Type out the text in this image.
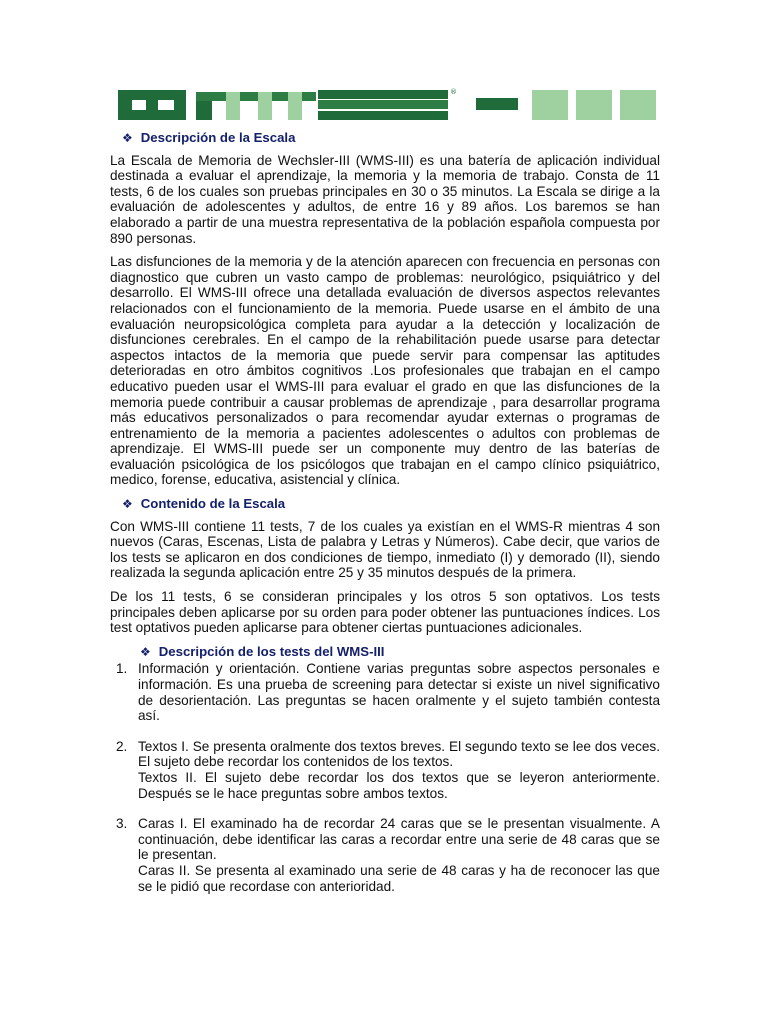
®
❖ Descripción de la Escala

La Escala de Memoria de Wechsler-III (WMS-III) es una batería de aplicación individual destinada a evaluar el aprendizaje, la memoria y la memoria de trabajo. Consta de 11 tests, 6 de los cuales son pruebas principales en 30 o 35 minutos. La Escala se dirige a la evaluación de adolescentes y adultos, de entre 16 y 89 años. Los baremos se han elaborado a partir de una muestra representativa de la población española compuesta por 890 personas.

Las disfunciones de la memoria y de la atención aparecen con frecuencia en personas con diagnostico que cubren un vasto campo de problemas: neurológico, psiquiátrico y del desarrollo. El WMS-III ofrece una detallada evaluación de diversos aspectos relevantes relacionados con el funcionamiento de la memoria. Puede usarse en el ámbito de una evaluación neuropsicológica completa para ayudar a la detección y localización de disfunciones cerebrales. En el campo de la rehabilitación puede usarse para detectar aspectos intactos de la memoria que puede servir para compensar las aptitudes deterioradas en otro ámbitos cognitivos .Los profesionales que trabajan en el campo educativo pueden usar el WMS-III para evaluar el grado en que las disfunciones de la memoria puede contribuir a causar problemas de aprendizaje , para desarrollar programa más educativos personalizados o para recomendar ayudar externas o programas de entrenamiento de la memoria a pacientes adolescentes o adultos con problemas de aprendizaje. El WMS-III puede ser un componente muy dentro de las baterías de evaluación psicológica de los psicólogos que trabajan en el campo clínico psiquiátrico, medico, forense, educativa, asistencial y clínica.

❖ Contenido de la Escala

Con WMS-III contiene 11 tests, 7 de los cuales ya existían en el WMS-R mientras 4 son nuevos (Caras, Escenas, Lista de palabra y Letras y Números). Cabe decir, que varios de los tests se aplicaron en dos condiciones de tiempo, inmediato (I) y demorado (II), siendo realizada la segunda aplicación entre 25 y 35 minutos después de la primera.

De los 11 tests, 6 se consideran principales y los otros 5 son optativos. Los tests principales deben aplicarse por su orden para poder obtener las puntuaciones índices. Los test optativos pueden aplicarse para obtener ciertas puntuaciones adicionales.

❖ Descripción de los tests del WMS-III
1. Información y orientación. Contiene varias preguntas sobre aspectos personales e información. Es una prueba de screening para detectar si existe un nivel significativo de desorientación. Las preguntas se hacen oralmente y el sujeto también contesta así.
2. Textos I. Se presenta oralmente dos textos breves. El segundo texto se lee dos veces. El sujeto debe recordar los contenidos de los textos.
Textos II. El sujeto debe recordar los dos textos que se leyeron anteriormente. Después se le hace preguntas sobre ambos textos.
3. Caras I. El examinado ha de recordar 24 caras que se le presentan visualmente. A continuación, debe identificar las caras a recordar entre una serie de 48 caras que se le presentan.
Caras II. Se presenta al examinado una serie de 48 caras y ha de reconocer las que se le pidió que recordase con anterioridad.
